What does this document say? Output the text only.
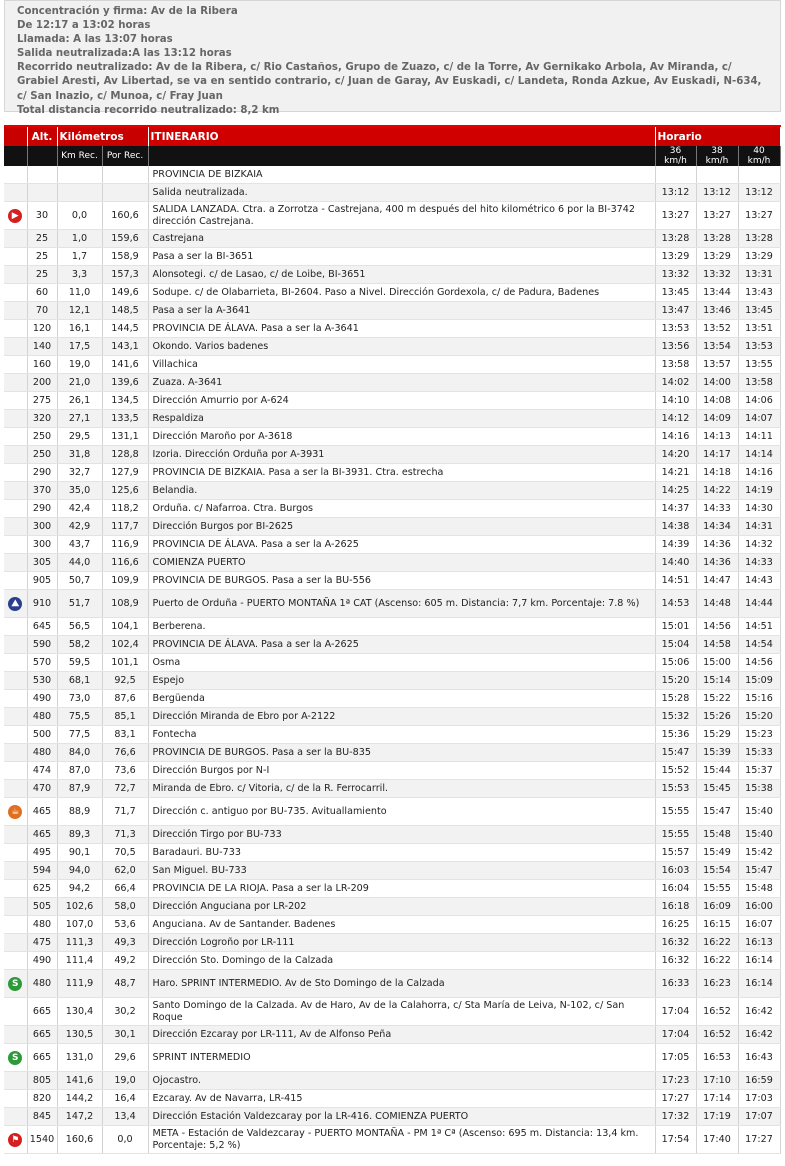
Concentración y firma: Av de la Ribera
De 12:17 a 13:02 horas
Llamada: A las 13:07 horas
Salida neutralizada:A las 13:12 horas
Recorrido neutralizado: Av de la Ribera, c/ Rio Castaños, Grupo de Zuazo, c/ de la Torre, Av Gernikako Arbola, Av Miranda, c/ Grabiel Aresti, Av Libertad, se va en sentido contrario, c/ Juan de Garay, Av Euskadi, c/ Landeta, Ronda Azkue, Av Euskadi, N-634, c/ San Inazio, c/ Munoa, c/ Fray Juan
Total distancia recorrido neutralizado: 8,2 km
	Alt.	Kilómetros		ITINERARIO	Horario		
		Km Rec.	Por Rec.		36 km/h	38 km/h	40 km/h
				PROVINCIA DE BIZKAIA			
				Salida neutralizada.	13:12	13:12	13:12
▶	30	0,0	160,6	SALIDA LANZADA. Ctra. a Zorrotza - Castrejana, 400 m después del hito kilométrico 6 por la BI-3742 dirección Castrejana.	13:27	13:27	13:27
	25	1,0	159,6	Castrejana	13:28	13:28	13:28
	25	1,7	158,9	Pasa a ser la BI-3651	13:29	13:29	13:29
	25	3,3	157,3	Alonsotegi. c/ de Lasao, c/ de Loibe, BI-3651	13:32	13:32	13:31
	60	11,0	149,6	Sodupe. c/ de Olabarrieta, BI-2604. Paso a Nivel. Dirección Gordexola, c/ de Padura, Badenes	13:45	13:44	13:43
	70	12,1	148,5	Pasa a ser la A-3641	13:47	13:46	13:45
	120	16,1	144,5	PROVINCIA DE ÁLAVA. Pasa a ser la A-3641	13:53	13:52	13:51
	140	17,5	143,1	Okondo. Varios badenes	13:56	13:54	13:53
	160	19,0	141,6	Villachica	13:58	13:57	13:55
	200	21,0	139,6	Zuaza. A-3641	14:02	14:00	13:58
	275	26,1	134,5	Dirección Amurrio por A-624	14:10	14:08	14:06
	320	27,1	133,5	Respaldiza	14:12	14:09	14:07
	250	29,5	131,1	Dirección Maroño por A-3618	14:16	14:13	14:11
	250	31,8	128,8	Izoria. Dirección Orduña por A-3931	14:20	14:17	14:14
	290	32,7	127,9	PROVINCIA DE BIZKAIA. Pasa a ser la BI-3931. Ctra. estrecha	14:21	14:18	14:16
	370	35,0	125,6	Belandia.	14:25	14:22	14:19
	290	42,4	118,2	Orduña. c/ Nafarroa. Ctra. Burgos	14:37	14:33	14:30
	300	42,9	117,7	Dirección Burgos por BI-2625	14:38	14:34	14:31
	300	43,7	116,9	PROVINCIA DE ÁLAVA. Pasa a ser la A-2625	14:39	14:36	14:32
	305	44,0	116,6	COMIENZA PUERTO	14:40	14:36	14:33
	905	50,7	109,9	PROVINCIA DE BURGOS. Pasa a ser la BU-556	14:51	14:47	14:43
⛰	910	51,7	108,9	Puerto de Orduña - PUERTO MONTAÑA 1ª CAT (Ascenso: 605 m. Distancia: 7,7 km. Porcentaje: 7.8 %)	14:53	14:48	14:44
	645	56,5	104,1	Berberena.	15:01	14:56	14:51
	590	58,2	102,4	PROVINCIA DE ÁLAVA. Pasa a ser la A-2625	15:04	14:58	14:54
	570	59,5	101,1	Osma	15:06	15:00	14:56
	530	68,1	92,5	Espejo	15:20	15:14	15:09
	490	73,0	87,6	Bergüenda	15:28	15:22	15:16
	480	75,5	85,1	Dirección Miranda de Ebro por A-2122	15:32	15:26	15:20
	500	77,5	83,1	Fontecha	15:36	15:29	15:23
	480	84,0	76,6	PROVINCIA DE BURGOS. Pasa a ser la BU-835	15:47	15:39	15:33
	474	87,0	73,6	Dirección Burgos por N-I	15:52	15:44	15:37
	470	87,9	72,7	Miranda de Ebro. c/ Vitoria, c/ de la R. Ferrocarril.	15:53	15:45	15:38
☕	465	88,9	71,7	Dirección c. antiguo por BU-735. Avituallamiento	15:55	15:47	15:40
	465	89,3	71,3	Dirección Tirgo por BU-733	15:55	15:48	15:40
	495	90,1	70,5	Baradauri. BU-733	15:57	15:49	15:42
	594	94,0	62,0	San Miguel. BU-733	16:03	15:54	15:47
	625	94,2	66,4	PROVINCIA DE LA RIOJA. Pasa a ser la LR-209	16:04	15:55	15:48
	505	102,6	58,0	Dirección Anguciana por LR-202	16:18	16:09	16:00
	480	107,0	53,6	Anguciana. Av de Santander. Badenes	16:25	16:15	16:07
	475	111,3	49,3	Dirección Logroño por LR-111	16:32	16:22	16:13
	490	111,4	49,2	Dirección Sto. Domingo de la Calzada	16:32	16:22	16:14
S	480	111,9	48,7	Haro. SPRINT INTERMEDIO. Av de Sto Domingo de la Calzada	16:33	16:23	16:14
	665	130,4	30,2	Santo Domingo de la Calzada. Av de Haro, Av de la Calahorra, c/ Sta María de Leiva, N-102, c/ San Roque	17:04	16:52	16:42
	665	130,5	30,1	Dirección Ezcaray por LR-111, Av de Alfonso Peña	17:04	16:52	16:42
S	665	131,0	29,6	SPRINT INTERMEDIO	17:05	16:53	16:43
	805	141,6	19,0	Ojocastro.	17:23	17:10	16:59
	820	144,2	16,4	Ezcaray. Av de Navarra, LR-415	17:27	17:14	17:03
	845	147,2	13,4	Dirección Estación Valdezcaray por la LR-416. COMIENZA PUERTO	17:32	17:19	17:07
⚑	1540	160,6	0,0	META - Estación de Valdezcaray - PUERTO MONTAÑA - PM 1ª Cª (Ascenso: 695 m. Distancia: 13,4 km. Porcentaje: 5,2 %)	17:54	17:40	17:27
